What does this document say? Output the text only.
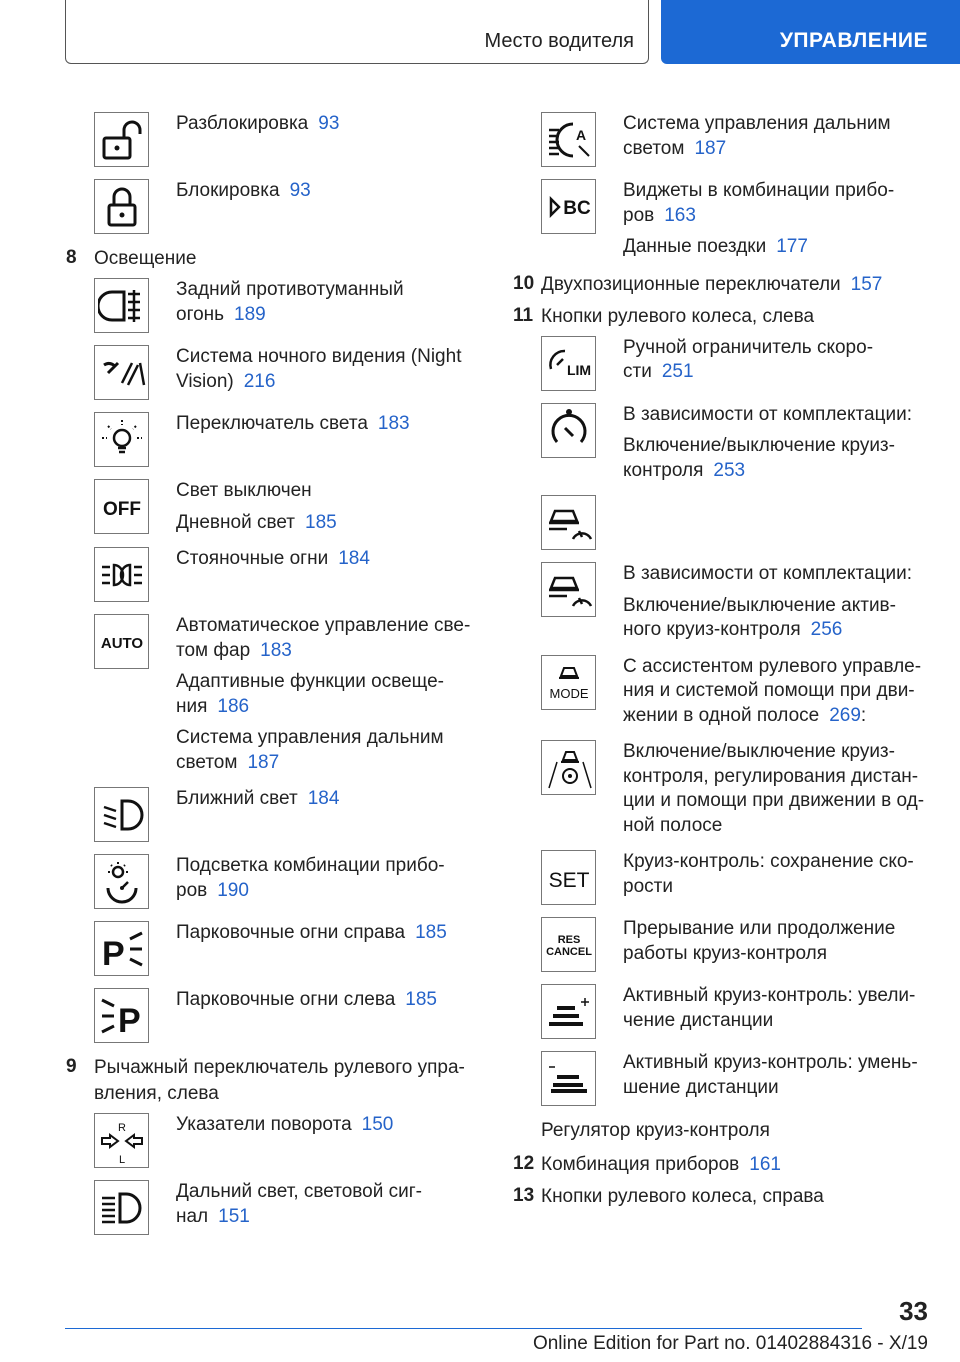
Место водителя	УПРАВЛЕНИЕ
Разблокировка 93
Блокировка 93
8 Освещение
Задний противотуманный
огонь 189
Система ночного видения (Night
Vision) 216
Переключатель света 183
OFF
Свет выключен
Дневной свет 185
Стояночные огни 184
AUTO
Автоматическое управление све-
том фар 183
Адаптивные функции освеще-
ния 186
Система управления дальним
светом 187
Ближний свет 184
Подсветка комбинации прибо-
ров 190
P
Парковочные огни справа 185
P
Парковочные огни слева 185
9 Рычажный переключатель рулевого упра-
вления, слева
R
L
Указатели поворота 150
Дальний свет, световой сиг-
нал 151
A
Система управления дальним
светом 187
BC
Виджеты в комбинации прибо-
ров 163
Данные поездки 177
10 Двухпозиционные переключатели 157
11 Кнопки рулевого колеса, слева
LIM
Ручной ограничитель скоро-
сти 251
В зависимости от комплектации:
Включение/выключение круиз-
контроля 253
В зависимости от комплектации:
Включение/выключение актив-
ного круиз-контроля 256
MODE
С ассистентом рулевого управле-
ния и системой помощи при дви-
жении в одной полосе 269:
Включение/выключение круиз-
контроля, регулирования дистан-
ции и помощи при движении в од-
ной полосе
SET
Круиз-контроль: сохранение ско-
рости
RES
CANCEL
Прерывание или продолжение
работы круиз-контроля
Активный круиз-контроль: увели-
чение дистанции
Активный круиз-контроль: умень-
шение дистанции
Регулятор круиз-контроля
12 Комбинация приборов 161
13 Кнопки рулевого колеса, справа
33
Online Edition for Part no. 01402884316 - X/19
